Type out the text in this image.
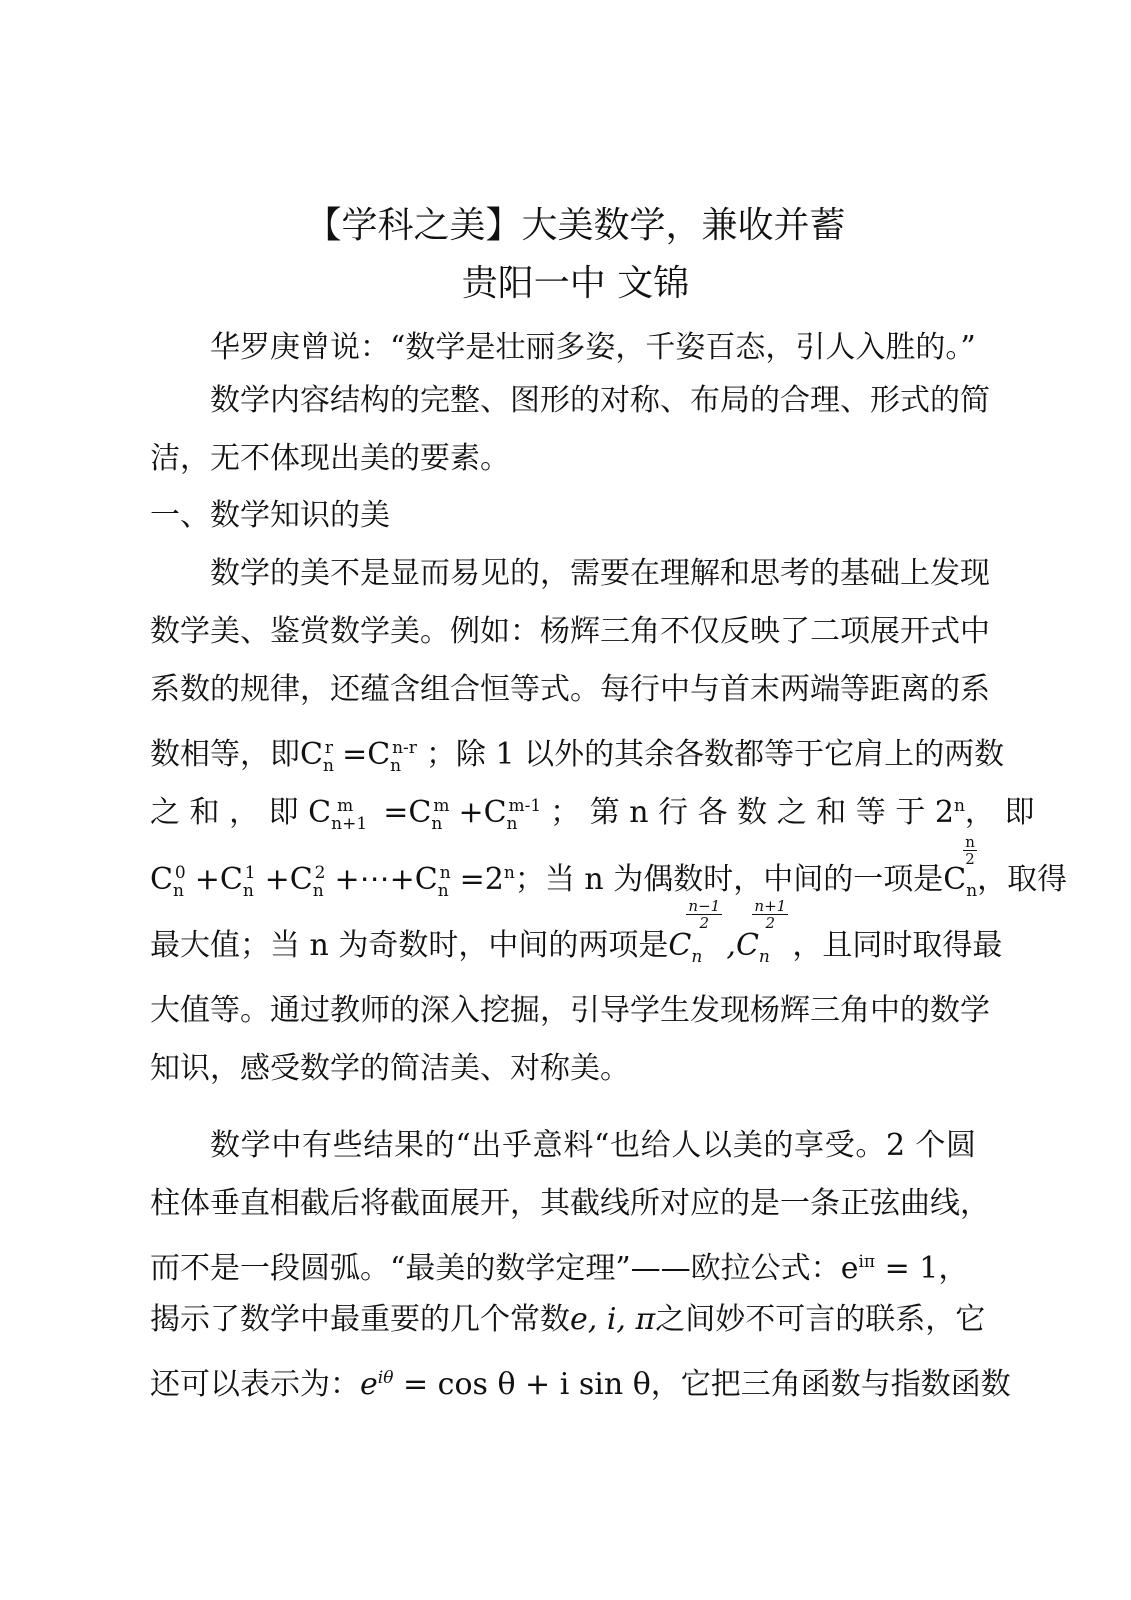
【学科之美】大美数学，兼收并蓄
贵阳一中 文锦
华罗庚曾说：“数学是壮丽多姿，千姿百态，引人入胜的。”
数学内容结构的完整、图形的对称、布局的合理、形式的简
洁，无不体现出美的要素。
一、数学知识的美
数学的美不是显而易见的，需要在理解和思考的基础上发现
数学美、鉴赏数学美。例如：杨辉三角不仅反映了二项展开式中
系数的规律，还蕴含组合恒等式。每行中与首末两端等距离的系
数相等，即$C_n^r =C_n^{n-r}$ ；除 1 以外的其余各数都等于它肩上的两数
之 和 ， 即 $C_{n+1}^m =C_n^m +C_n^{m-1}$ ； 第 n 行 各 数 之 和 等 于 2$^n$， 即
$C_n^0 +C_n^1 +C_n^2$ $+\cdots+C_n^n =2^n$；当 n 为偶数时，中间的一项是$C_n$
$\frac{n}{2}$
，取得
最大值；当 n 为奇数时，中间的两项是$C_n$
$\frac{n-1}{2}$
$,C_n$
$\frac{n+1}{2}$
，且同时取得最
大值等。通过教师的深入挖掘，引导学生发现杨辉三角中的数学
知识，感受数学的简洁美、对称美。
数学中有些结果的“出乎意料“也给人以美的享受。2 个圆
柱体垂直相截后将截面展开，其截线所对应的是一条正弦曲线，
而不是一段圆弧。“最美的数学定理”——欧拉公式：$e^{i\pi} = 1$，
揭示了数学中最重要的几个常数e, i, π之间妙不可言的联系，它
还可以表示为：$e^{i\theta} = \cos \theta + i$ sin θ，它把三角函数与指数函数
